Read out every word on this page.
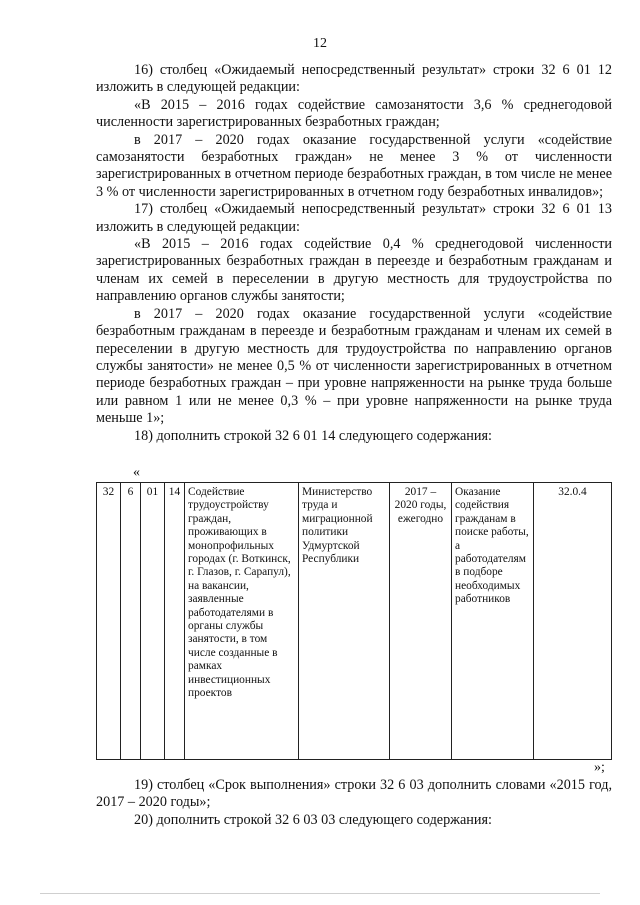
12

16) столбец «Ожидаемый непосредственный результат» строки 32 6 01 12 изложить в следующей редакции:

«В 2015 – 2016 годах содействие самозанятости 3,6 % среднегодовой численности зарегистрированных безработных граждан;

в 2017 – 2020 годах оказание государственной услуги «содействие самозанятости безработных граждан» не менее 3 % от численности зарегистрированных в отчетном периоде безработных граждан, в том числе не менее 3 % от численности зарегистрированных в отчетном году безработных инвалидов»;

17) столбец «Ожидаемый непосредственный результат» строки 32 6 01 13 изложить в следующей редакции:

«В 2015 – 2016 годах содействие 0,4 % среднегодовой численности зарегистрированных безработных граждан в переезде и безработным гражданам и членам их семей в переселении в другую местность для трудоустройства по направлению органов службы занятости;

в 2017 – 2020 годах оказание государственной услуги «содействие безработным гражданам в переезде и безработным гражданам и членам их семей в переселении в другую местность для трудоустройства по направлению органов службы занятости» не менее 0,5 % от численности зарегистрированных в отчетном периоде безработных граждан – при уровне напряженности на рынке труда больше или равном 1 или не менее 0,3 % – при уровне напряженности на рынке труда меньше 1»;

18) дополнить строкой 32 6 01 14 следующего содержания:

«
32	6	01	14	Содействие трудоустройству граждан, проживающих в монопрофильных городах (г. Воткинск, г. Глазов, г. Сарапул), на вакансии, заявленные работодателями в органы службы занятости, в том числе созданные в рамках инвестиционных проектов	Министерство труда и миграционной политики Удмуртской Республики	2017 – 2020 годы, ежегодно	Оказание содействия гражданам в поиске работы, а работодателям в подборе необходимых работников	32.0.4
»;

19) столбец «Срок выполнения» строки 32 6 03 дополнить словами «2015 год, 2017 – 2020 годы»;

20) дополнить строкой 32 6 03 03 следующего содержания:
